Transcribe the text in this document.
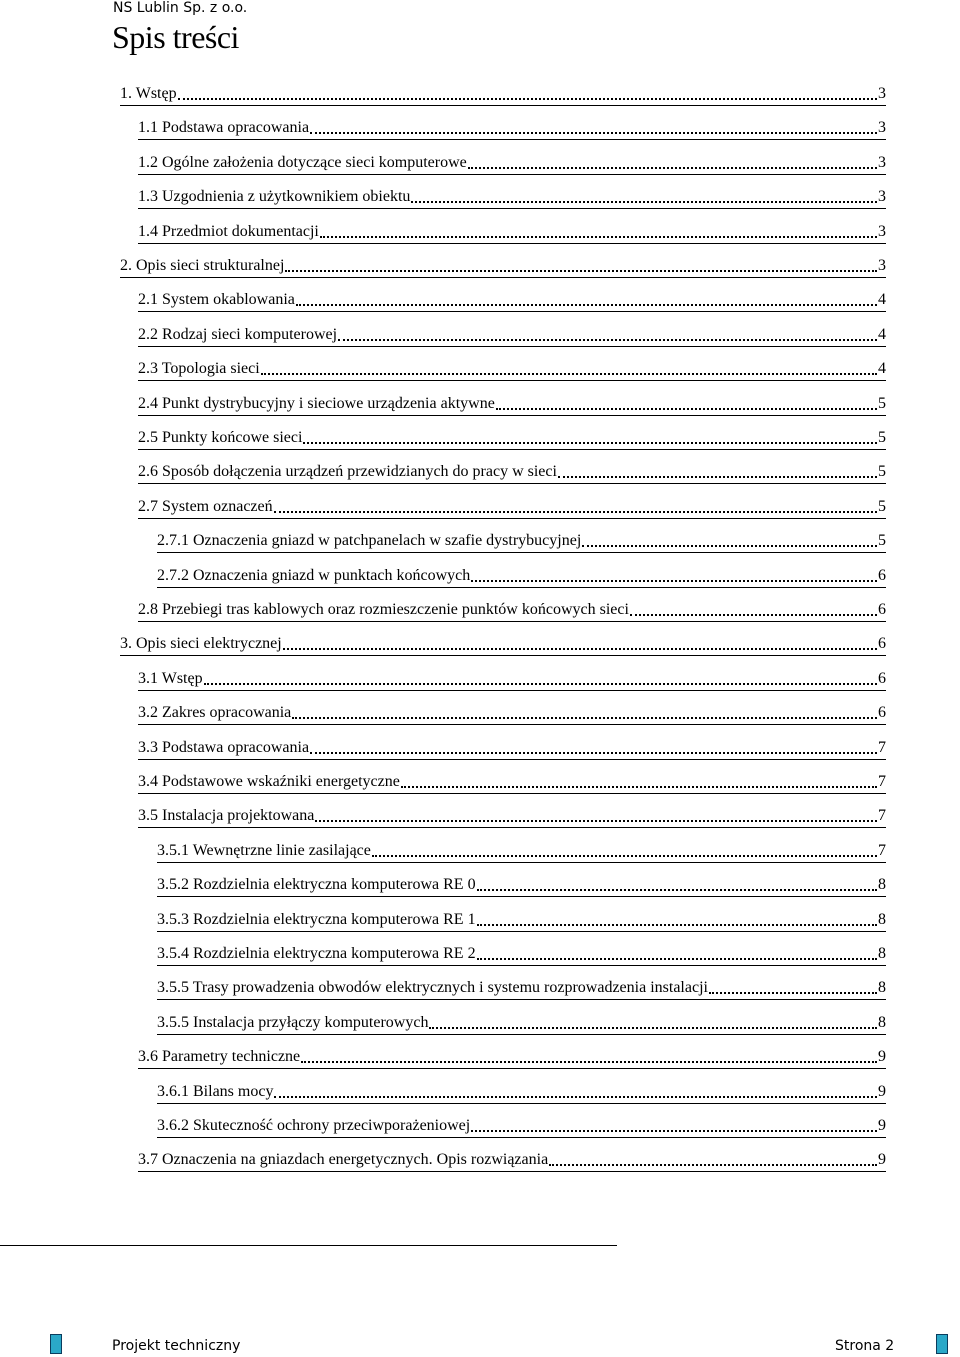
NS Lublin Sp. z o.o.
Spis treści
1. Wstęp	3
1.1 Podstawa opracowania	3
1.2 Ogólne założenia dotyczące sieci komputerowe	3
1.3 Uzgodnienia z użytkownikiem obiektu	3
1.4 Przedmiot dokumentacji	3
2. Opis sieci strukturalnej	3
2.1 System okablowania	4
2.2 Rodzaj sieci komputerowej	4
2.3 Topologia sieci	4
2.4 Punkt dystrybucyjny i sieciowe urządzenia aktywne	5
2.5 Punkty końcowe sieci	5
2.6 Sposób dołączenia urządzeń przewidzianych do pracy w sieci	5
2.7 System oznaczeń	5
2.7.1 Oznaczenia gniazd w patchpanelach w szafie dystrybucyjnej	5
2.7.2 Oznaczenia gniazd w punktach końcowych	6
2.8 Przebiegi tras kablowych oraz rozmieszczenie punktów końcowych sieci	6
3. Opis sieci elektrycznej	6
3.1 Wstęp	6
3.2 Zakres opracowania	6
3.3 Podstawa opracowania	7
3.4 Podstawowe wskaźniki energetyczne	7
3.5 Instalacja projektowana	7
3.5.1 Wewnętrzne linie zasilające	7
3.5.2 Rozdzielnia elektryczna komputerowa RE 0	8
3.5.3 Rozdzielnia elektryczna komputerowa RE 1	8
3.5.4 Rozdzielnia elektryczna komputerowa RE 2	8
3.5.5 Trasy prowadzenia obwodów elektrycznych i systemu rozprowadzenia instalacji	8
3.5.5 Instalacja przyłączy komputerowych	8
3.6 Parametry techniczne	9
3.6.1 Bilans mocy	9
3.6.2 Skuteczność ochrony przeciwporażeniowej	9
3.7 Oznaczenia na gniazdach energetycznych. Opis rozwiązania	9
Projekt techniczny	Strona 2
